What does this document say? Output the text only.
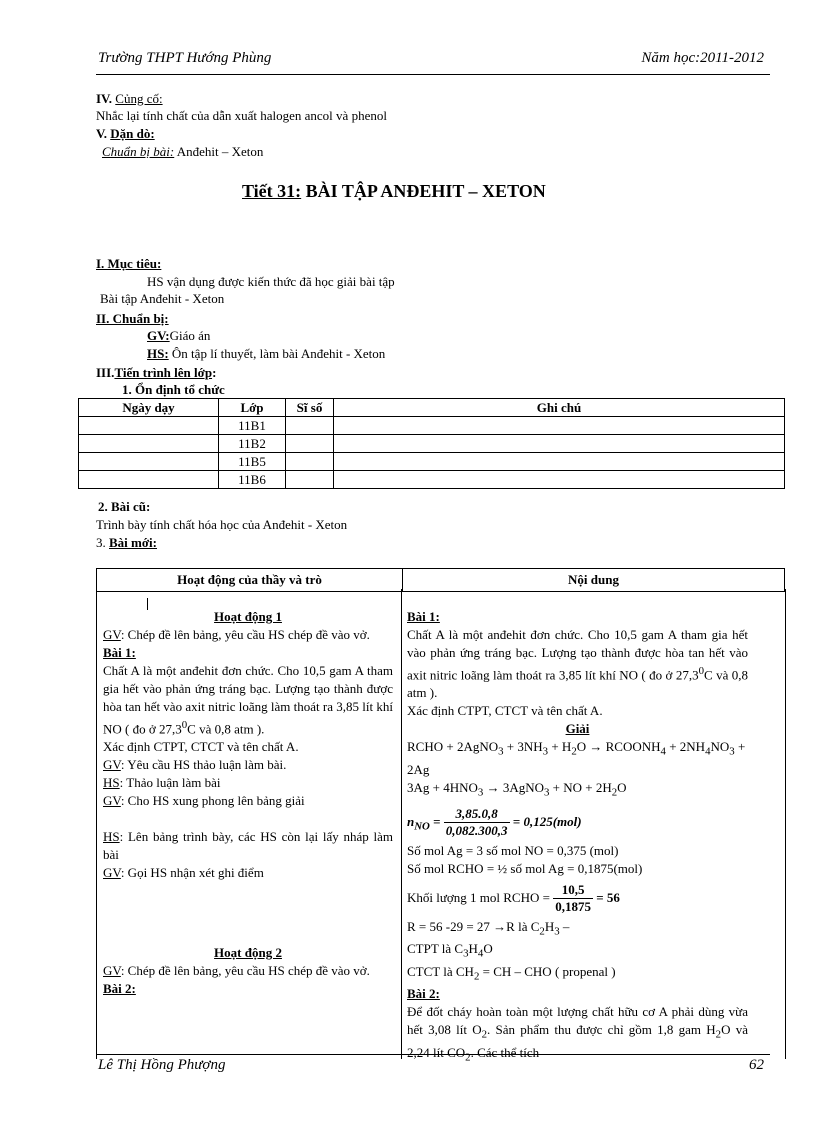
Trường THPT Hướng Phùng	Năm học:2011-2012
IV. Củng cố:
Nhắc lại tính chất của dẫn xuất halogen ancol và phenol
V. Dặn dò:
Chuẩn bị bài: Anđehit – Xeton
Tiết 31: BÀI TẬP ANĐEHIT – XETON
I. Mục tiêu:
HS vận dụng được kiến thức đã học giải bài tập
Bài tập Anđehit - Xeton
II. Chuẩn bị:
GV:Giáo án
HS: Ôn tập lí thuyết, làm bài Anđehit - Xeton
III.Tiến trình lên lớp:
1. Ổn định tổ chức
Ngày dạy	Lớp	Sĩ số	Ghi chú
	11B1		
	11B2		
	11B5		
	11B6		
2. Bài cũ:
Trình bày tính chất hóa học của Anđehit - Xeton
3. Bài mới:
Hoạt động của thầy và trò	Nội dung

Hoạt động 1

GV: Chép đề lên bảng, yêu cầu HS chép đề vào vở.

Bài 1:

Chất A là một anđehit đơn chức. Cho 10,5 gam A tham gia hết vào phản ứng tráng bạc. Lượng tạo thành được hòa tan hết vào axit nitric loãng làm thoát ra 3,85 lít khí NO ( đo ở 27,3$^0$C và 0,8 atm ).

Xác định CTPT, CTCT và tên chất A.

GV: Yêu cầu HS thảo luận làm bài.

HS: Thảo luận làm bài

GV: Cho HS xung phong lên bảng giải

HS: Lên bảng trình bày, các HS còn lại lấy nháp làm bài

GV: Gọi HS nhận xét ghi điểm

Hoạt động 2

GV: Chép đề lên bảng, yêu cầu HS chép đề vào vở.

Bài 2:

Bài 1:

Chất A là một anđehit đơn chức. Cho 10,5 gam A tham gia hết vào phản ứng tráng bạc. Lượng tạo thành được hòa tan hết vào axit nitric loãng làm thoát ra 3,85 lít khí NO ( đo ở 27,3$^0$C và 0,8 atm ).

Xác định CTPT, CTCT và tên chất A.

Giải

RCHO + 2AgNO$_3$ + $3NH_3 + H_2O$ → $RCOONH_4 + 2NH_4NO_3 + 2Ag$

$3Ag + 4HNO_3$ → 3AgNO$_3$ + NO + $2H_2O$

$n_{NO} = \frac{3,85.0,8}{0,082.300,3} = 0,125(mol)$

Số mol Ag = 3 số mol NO = 0,375 (mol)

Số mol RCHO = ½ số mol Ag = 0,1875(mol)

Khối lượng 1 mol RCHO = $\frac{10,5}{0,1875} = 56$

R = 56 -29 = 27 →R là $C_2H_3$ –

CTPT là $C_3H_4O$

CTCT là $CH_2$ = CH – CHO ( propenal )

Bài 2:

Để đốt cháy hoàn toàn một lượng chất hữu cơ A phải dùng vừa hết 3,08 lít $O_2$. Sản phẩm thu được chỉ gồm 1,8 gam $H_2O$ và 2,24 lít $CO_2$. Các thể tích

Lê Thị Hồng Phượng	62
